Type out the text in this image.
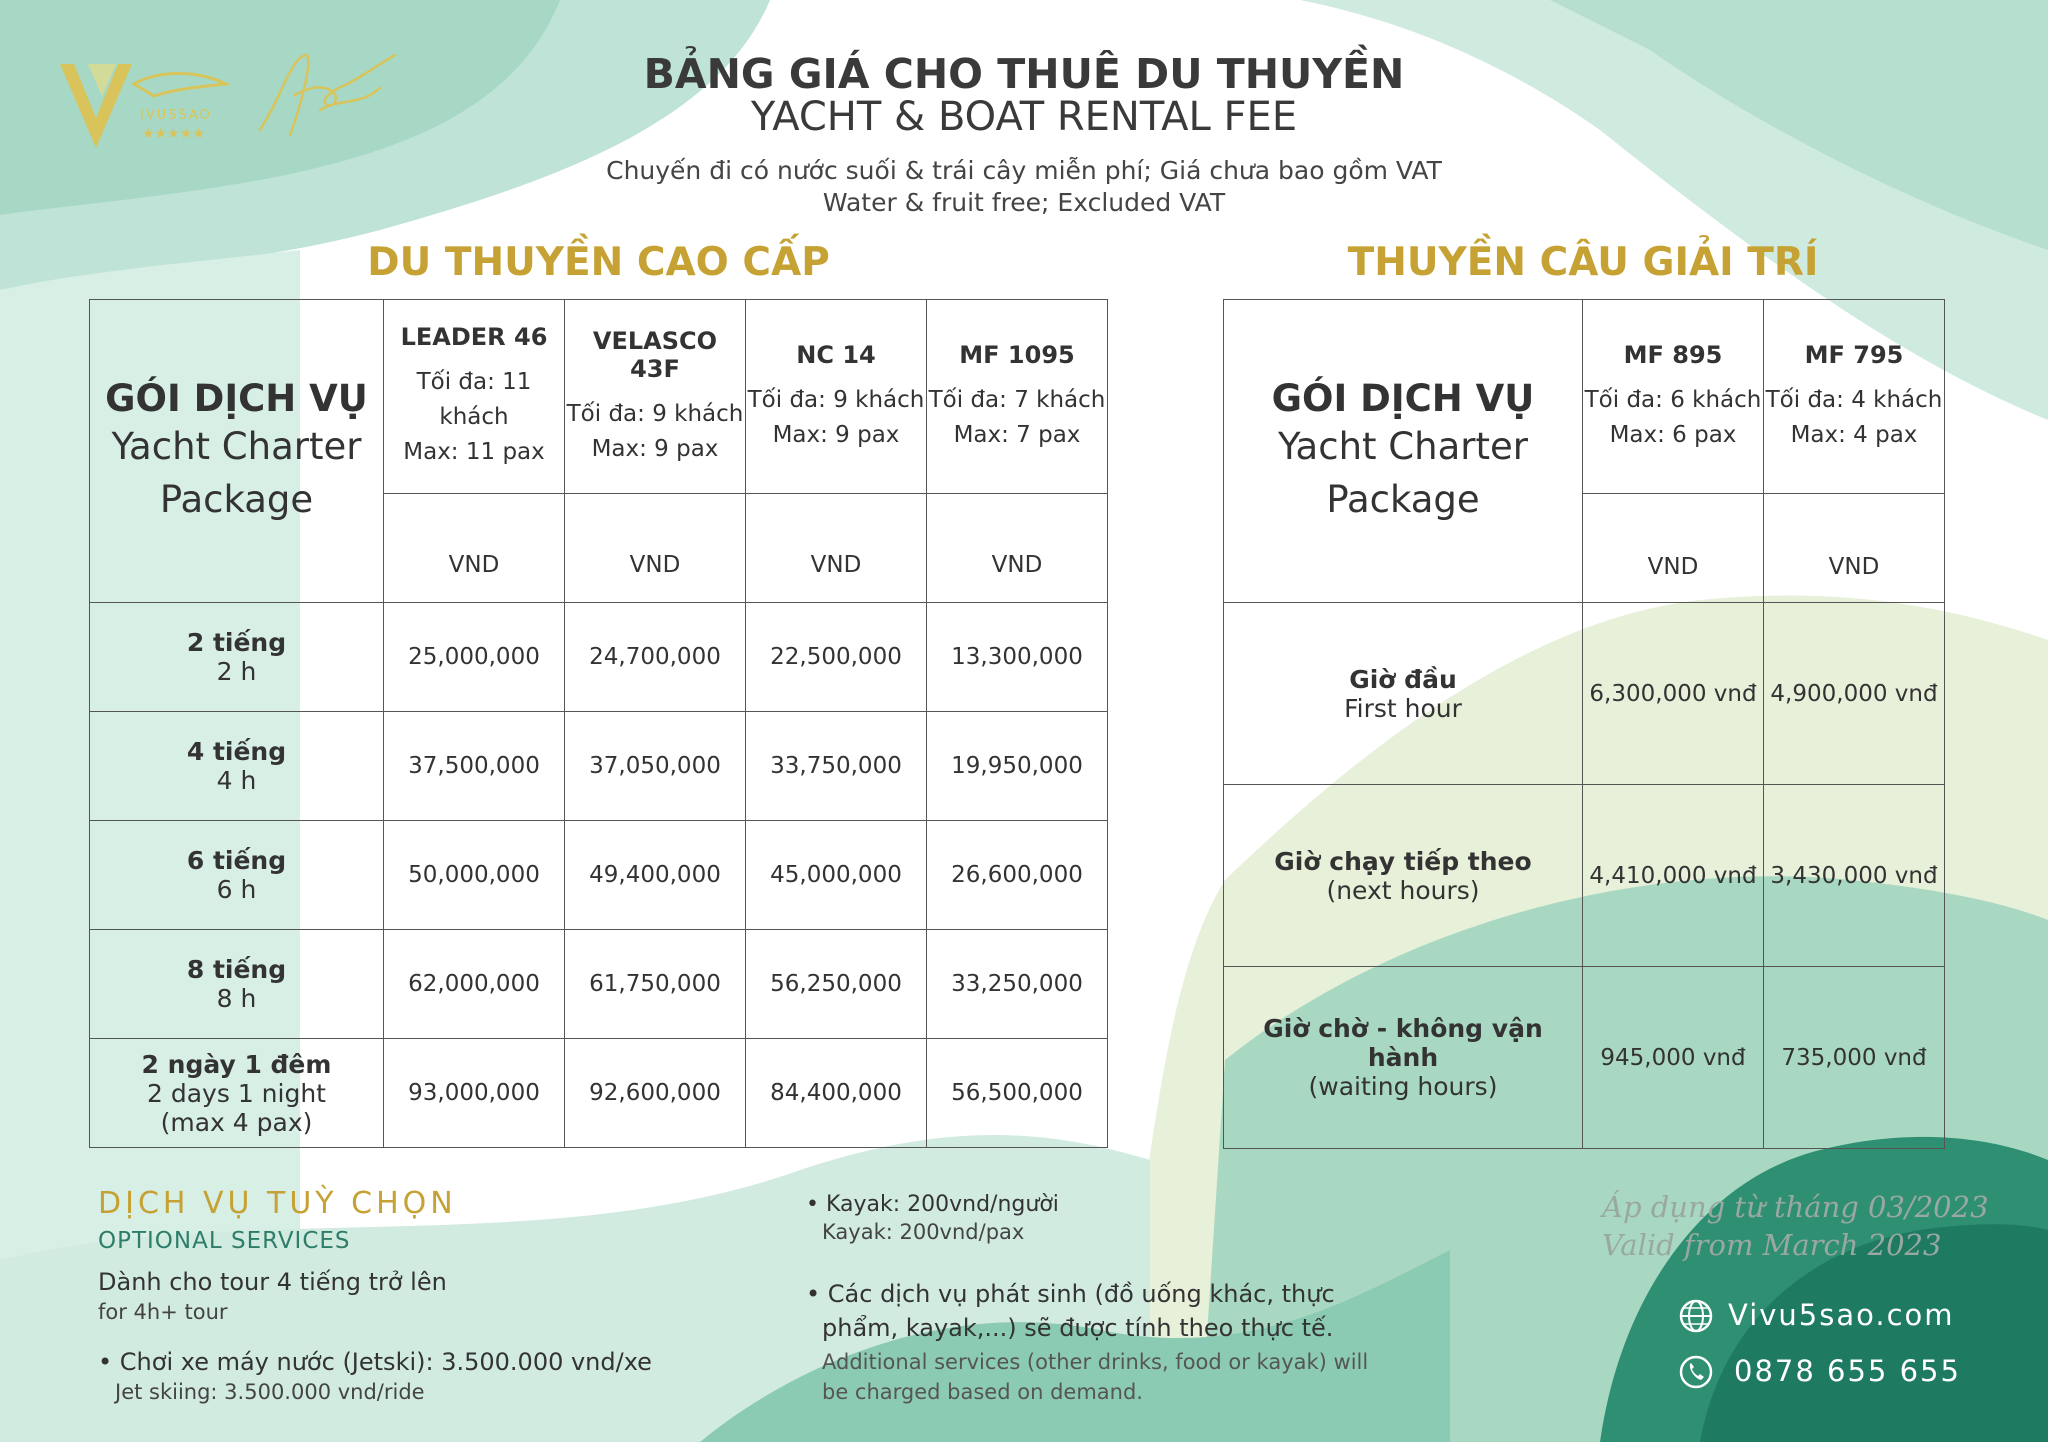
IVUSSAO
★★★★★
BẢNG GIÁ CHO THUÊ DU THUYỀN
YACHT & BOAT RENTAL FEE
Chuyến đi có nước suối & trái cây miễn phí; Giá chưa bao gồm VAT
Water & fruit free; Excluded VAT
DU THUYỀN CAO CẤP	THUYỀN CÂU GIẢI TRÍ
GÓI DỊCH VỤ
Yacht Charter
Package	LEADER 46
Tối đa: 11 khách
Max: 11 pax	VELASCO 43F
Tối đa: 9 khách
Max: 9 pax	NC 14
Tối đa: 9 khách
Max: 9 pax	MF 1095
Tối đa: 7 khách
Max: 7 pax

	VND	VND	VND	VND

2 tiếng
2 h	25,000,000	24,700,000	22,500,000	13,300,000

4 tiếng
4 h	37,500,000	37,050,000	33,750,000	19,950,000

6 tiếng
6 h	50,000,000	49,400,000	45,000,000	26,600,000

8 tiếng
8 h	62,000,000	61,750,000	56,250,000	33,250,000

2 ngày 1 đêm
2 days 1 night
(max 4 pax)	93,000,000	92,600,000	84,400,000	56,500,000
GÓI DỊCH VỤ
Yacht Charter
Package	MF 895
Tối đa: 6 khách
Max: 6 pax	MF 795
Tối đa: 4 khách
Max: 4 pax

	VND	VND

Giờ đầu
First hour	6,300,000 vnđ	4,900,000 vnđ

Giờ chạy tiếp theo
(next hours)	4,410,000 vnđ	3,430,000 vnđ

Giờ chờ - không vận hành
(waiting hours)	945,000 vnđ	735,000 vnđ
DỊCH VỤ TUỲ CHỌN
OPTIONAL SERVICES
Dành cho tour 4 tiếng trở lên
for 4h+ tour
• Chơi xe máy nước (Jetski): 3.500.000 vnd/xe
Jet skiing: 3.500.000 vnd/ride
• Kayak: 200vnd/người
Kayak: 200vnd/pax
• Các dịch vụ phát sinh (đồ uống khác, thực
phẩm, kayak,...) sẽ được tính theo thực tế.
Additional services (other drinks, food or kayak) will
be charged based on demand.
Áp dụng từ tháng 03/2023
Valid from March 2023
Vivu5sao.com
0878 655 655
